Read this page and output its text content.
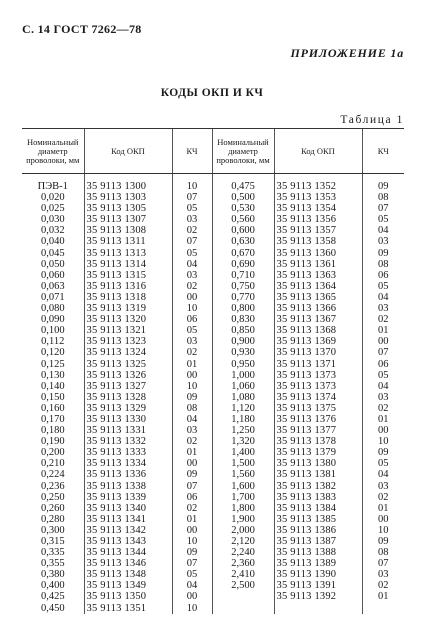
С. 14 ГОСТ 7262—78
ПРИЛОЖЕНИЕ 1а
КОДЫ ОКП И КЧ
Таблица 1
Номинальный диаметр проволоки, мм	Код ОКП	КЧ	Номинальный диаметр проволоки, мм	Код ОКП	КЧ
ПЭВ-1	35 9113 1300	10	0,475	35 9113 1352	09
0,020	35 9113 1303	07	0,500	35 9113 1353	08
0,025	35 9113 1305	05	0,530	35 9113 1354	07
0,030	35 9113 1307	03	0,560	35 9113 1356	05
0,032	35 9113 1308	02	0,600	35 9113 1357	04
0,040	35 9113 1311	07	0,630	35 9113 1358	03
0,045	35 9113 1313	05	0,670	35 9113 1360	09
0,050	35 9113 1314	04	0,690	35 9113 1361	08
0,060	35 9113 1315	03	0,710	35 9113 1363	06
0,063	35 9113 1316	02	0,750	35 9113 1364	05
0,071	35 9113 1318	00	0,770	35 9113 1365	04
0,080	35 9113 1319	10	0,800	35 9113 1366	03
0,090	35 9113 1320	06	0,830	35 9113 1367	02
0,100	35 9113 1321	05	0,850	35 9113 1368	01
0,112	35 9113 1323	03	0,900	35 9113 1369	00
0,120	35 9113 1324	02	0,930	35 9113 1370	07
0,125	35 9113 1325	01	0,950	35 9113 1371	06
0,130	35 9113 1326	00	1,000	35 9113 1373	05
0,140	35 9113 1327	10	1,060	35 9113 1373	04
0,150	35 9113 1328	09	1,080	35 9113 1374	03
0,160	35 9113 1329	08	1,120	35 9113 1375	02
0,170	35 9113 1330	04	1,180	35 9113 1376	01
0,180	35 9113 1331	03	1,250	35 9113 1377	00
0,190	35 9113 1332	02	1,320	35 9113 1378	10
0,200	35 9113 1333	01	1,400	35 9113 1379	09
0,210	35 9113 1334	00	1,500	35 9113 1380	05
0,224	35 9113 1336	09	1,560	35 9113 1381	04
0,236	35 9113 1338	07	1,600	35 9113 1382	03
0,250	35 9113 1339	06	1,700	35 9113 1383	02
0,260	35 9113 1340	02	1,800	35 9113 1384	01
0,280	35 9113 1341	01	1,900	35 9113 1385	00
0,300	35 9113 1342	00	2,000	35 9113 1386	10
0,315	35 9113 1343	10	2,120	35 9113 1387	09
0,335	35 9113 1344	09	2,240	35 9113 1388	08
0,355	35 9113 1346	07	2,360	35 9113 1389	07
0,380	35 9113 1348	05	2,410	35 9113 1390	03
0,400	35 9113 1349	04	2,500	35 9113 1391	02
0,425	35 9113 1350	00		35 9113 1392	01
0,450	35 9113 1351	10			
